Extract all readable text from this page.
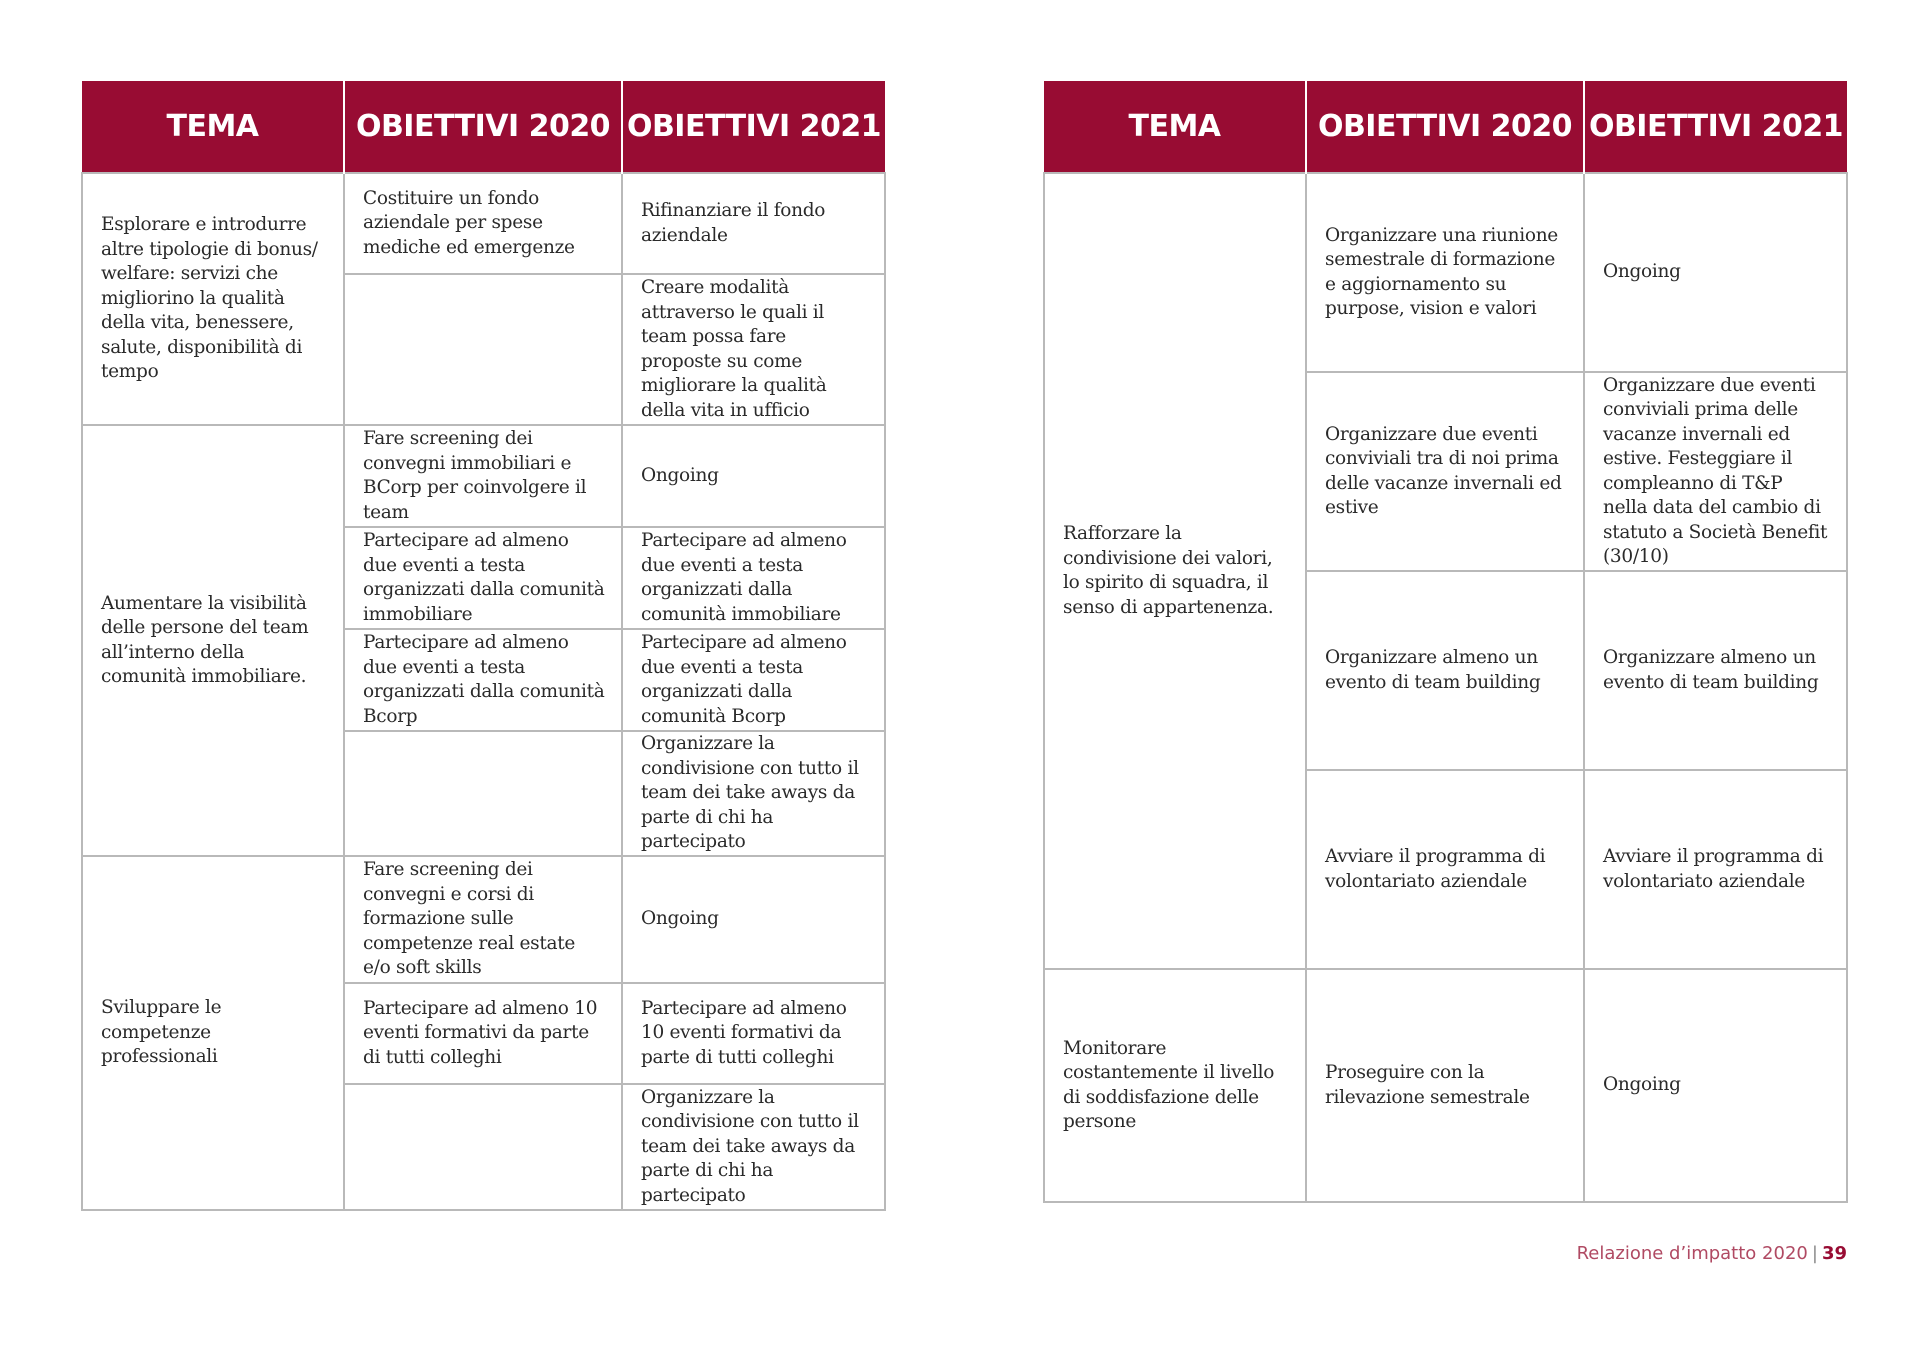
TEMA	OBIETTIVI 2020	OBIETTIVI 2021
Esplorare e introdurre altre tipologie di bonus/ welfare: servizi che migliorino la qualità della vita, benessere, salute, disponibilità di tempo	Costituire un fondo aziendale per spese mediche ed emergenze	Rifinanziare il fondo aziendale
		Creare modalità attraverso le quali il team possa fare proposte su come migliorare la qualità della vita in ufficio
Aumentare la visibilità delle persone del team all’interno della comunità immobiliare.	Fare screening dei convegni immobiliari e BCorp per coinvolgere il team	Ongoing
	Partecipare ad almeno due eventi a testa organizzati dalla comunità immobiliare	Partecipare ad almeno due eventi a testa organizzati dalla comunità immobiliare
	Partecipare ad almeno due eventi a testa organizzati dalla comunità Bcorp	Partecipare ad almeno due eventi a testa organizzati dalla comunità Bcorp
		Organizzare la condivisione con tutto il team dei take aways da parte di chi ha partecipato
Sviluppare le competenze professionali	Fare screening dei convegni e corsi di formazione sulle competenze real estate e/o soft skills	Ongoing
	Partecipare ad almeno 10 eventi formativi da parte di tutti colleghi	Partecipare ad almeno 10 eventi formativi da parte di tutti colleghi
		Organizzare la condivisione con tutto il team dei take aways da parte di chi ha partecipato
TEMA	OBIETTIVI 2020	OBIETTIVI 2021
Rafforzare la condivisione dei valori, lo spirito di squadra, il senso di appartenenza.	Organizzare una riunione semestrale di formazione e aggiornamento su purpose, vision e valori	Ongoing
	Organizzare due eventi conviviali tra di noi prima delle vacanze invernali ed estive	Organizzare due eventi conviviali prima delle vacanze invernali ed estive. Festeggiare il compleanno di T&P nella data del cambio di statuto a Società Benefit (30/10)
	Organizzare almeno un evento di team building	Organizzare almeno un evento di team building
	Avviare il programma di volontariato aziendale	Avviare il programma di volontariato aziendale
Monitorare costantemente il livello di soddisfazione delle persone	Proseguire con la rilevazione semestrale	Ongoing
Relazione d’impatto 2020 | 39
